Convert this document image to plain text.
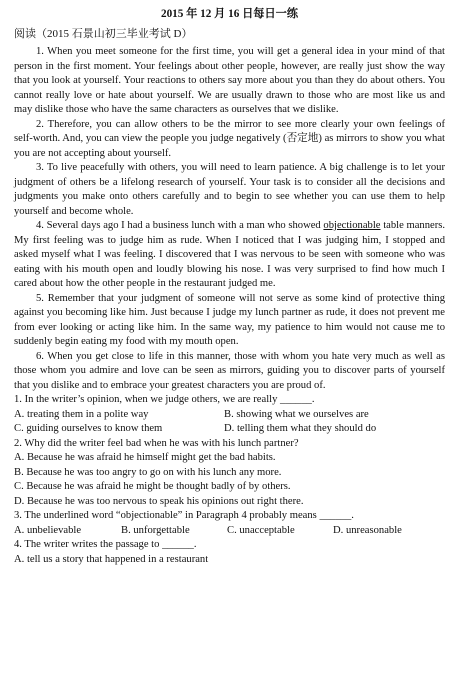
2015 年 12 月 16 日每日一练
阅读（2015 石景山初三毕业考试 D）

1. When you meet someone for the first time, you will get a general idea in your mind of that person in the first moment. Your feelings about other people, however, are really just show the way that you look at yourself. Your reactions to others say more about you than they do about others. You cannot really love or hate about yourself. We are usually drawn to those who are most like us and may dislike those who have the same characters as ourselves that we dislike.

2. Therefore, you can allow others to be the mirror to see more clearly your own feelings of self-worth. And, you can view the people you judge negatively (否定地) as mirrors to show you what you are not accepting about yourself.

3. To live peacefully with others, you will need to learn patience. A big challenge is to let your judgment of others be a lifelong research of yourself. Your task is to consider all the decisions and judgments you make onto others carefully and to begin to see whether you can use them to help yourself and become whole.

4. Several days ago I had a business lunch with a man who showed objectionable table manners. My first feeling was to judge him as rude. When I noticed that I was judging him, I stopped and asked myself what I was feeling. I discovered that I was nervous to be seen with someone who was eating with his mouth open and loudly blowing his nose. I was very surprised to find how much I cared about how the other people in the restaurant judged me.

5. Remember that your judgment of someone will not serve as some kind of protective thing against you becoming like him. Just because I judge my lunch partner as rude, it does not prevent me from ever looking or acting like him. In the same way, my patience to him would not cause me to suddenly begin eating my food with my mouth open.

6. When you get close to life in this manner, those with whom you hate very much as well as those whom you admire and love can be seen as mirrors, guiding you to discover parts of yourself that you dislike and to embrace your greatest characters you are proud of.

1. In the writer’s opinion, when we judge others, we are really ______.
A. treating them in a polite way	B. showing what we ourselves are
C. guiding ourselves to know them	D. telling them what they should do
2. Why did the writer feel bad when he was with his lunch partner?
A. Because he was afraid he himself might get the bad habits.
B. Because he was too angry to go on with his lunch any more.
C. Because he was afraid he might be thought badly of by others.
D. Because he was too nervous to speak his opinions out right there.
3. The underlined word “objectionable” in Paragraph 4 probably means ______.
A. unbelievable	B. unforgettable	C. unacceptable	D. unreasonable
4. The writer writes the passage to ______.
A. tell us a story that happened in a restaurant
